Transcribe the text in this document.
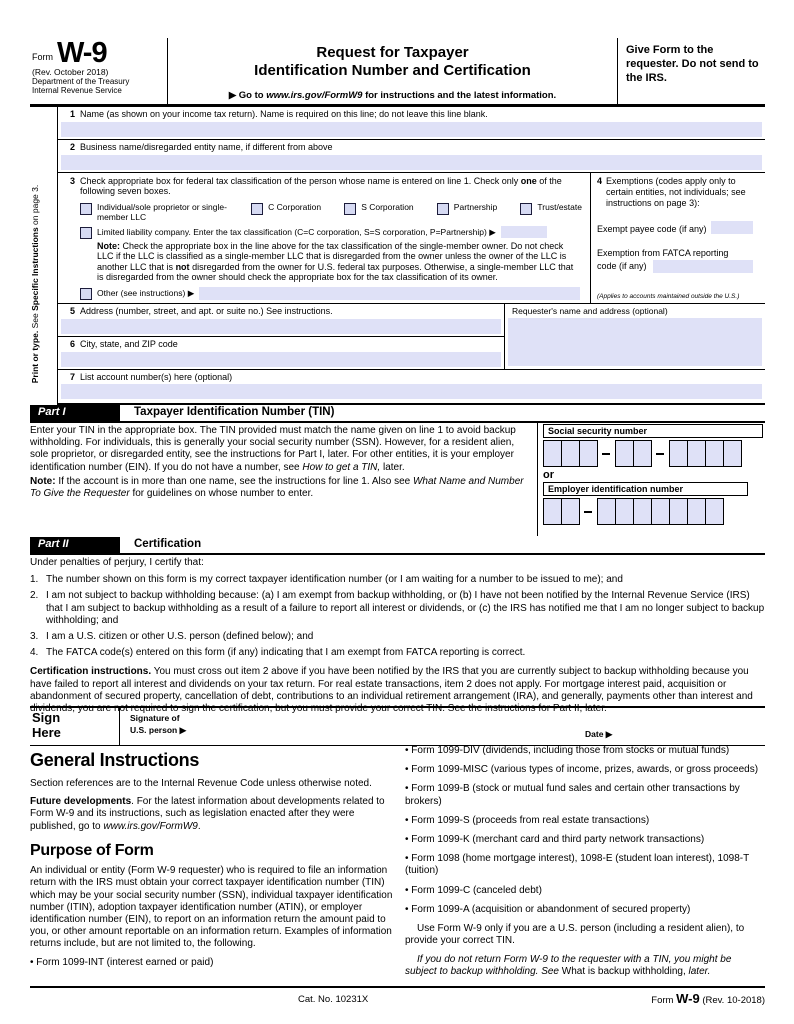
Form W-9
(Rev. October 2018)
Department of the Treasury
Internal Revenue Service
Request for Taxpayer
Identification Number and Certification
▶ Go to www.irs.gov/FormW9 for instructions and the latest information.
Give Form to the requester. Do not send to the IRS.
Print or type. See Specific Instructions on page 3.
1 Name (as shown on your income tax return). Name is required on this line; do not leave this line blank.
2 Business name/disregarded entity name, if different from above
3 Check appropriate box for federal tax classification of the person whose name is entered on line 1. Check only one of the following seven boxes.
Individual/sole proprietor or single-member LLC
C Corporation	S Corporation	Partnership	Trust/estate
Limited liability company. Enter the tax classification (C=C corporation, S=S corporation, P=Partnership) ▶
Note: Check the appropriate box in the line above for the tax classification of the single-member owner. Do not check LLC if the LLC is classified as a single-member LLC that is disregarded from the owner unless the owner of the LLC is another LLC that is not disregarded from the owner for U.S. federal tax purposes. Otherwise, a single-member LLC that is disregarded from the owner should check the appropriate box for the tax classification of its owner.
Other (see instructions) ▶
4 Exemptions (codes apply only to certain entities, not individuals; see instructions on page 3):
Exempt payee code (if any)
Exemption from FATCA reporting
code (if any)
(Applies to accounts maintained outside the U.S.)
5 Address (number, street, and apt. or suite no.) See instructions.
6 City, state, and ZIP code
Requester's name and address (optional)
7 List account number(s) here (optional)
Part I	Taxpayer Identification Number (TIN)

Enter your TIN in the appropriate box. The TIN provided must match the name given on line 1 to avoid backup withholding. For individuals, this is generally your social security number (SSN). However, for a resident alien, sole proprietor, or disregarded entity, see the instructions for Part I, later. For other entities, it is your employer identification number (EIN). If you do not have a number, see How to get a TIN, later.

Note: If the account is in more than one name, see the instructions for line 1. Also see What Name and Number To Give the Requester for guidelines on whose number to enter.

Social security number
or
Employer identification number
Part II	Certification
Under penalties of perjury, I certify that:
1. The number shown on this form is my correct taxpayer identification number (or I am waiting for a number to be issued to me); and
2. I am not subject to backup withholding because: (a) I am exempt from backup withholding, or (b) I have not been notified by the Internal Revenue Service (IRS) that I am subject to backup withholding as a result of a failure to report all interest or dividends, or (c) the IRS has notified me that I am no longer subject to backup withholding; and
3. I am a U.S. citizen or other U.S. person (defined below); and
4. The FATCA code(s) entered on this form (if any) indicating that I am exempt from FATCA reporting is correct.
Certification instructions. You must cross out item 2 above if you have been notified by the IRS that you are currently subject to backup withholding because you have failed to report all interest and dividends on your tax return. For real estate transactions, item 2 does not apply. For mortgage interest paid, acquisition or abandonment of secured property, cancellation of debt, contributions to an individual retirement arrangement (IRA), and generally, payments other than interest and dividends, you are not required to sign the certification, but you must provide your correct TIN. See the instructions for Part II, later.
Sign
Here
Signature of
U.S. person ▶	Date ▶
General Instructions

Section references are to the Internal Revenue Code unless otherwise noted.

Future developments. For the latest information about developments related to Form W-9 and its instructions, such as legislation enacted after they were published, go to www.irs.gov/FormW9.

Purpose of Form

An individual or entity (Form W-9 requester) who is required to file an information return with the IRS must obtain your correct taxpayer identification number (TIN) which may be your social security number (SSN), individual taxpayer identification number (ITIN), adoption taxpayer identification number (ATIN), or employer identification number (EIN), to report on an information return the amount paid to you, or other amount reportable on an information return. Examples of information returns include, but are not limited to, the following.

• Form 1099-INT (interest earned or paid)

• Form 1099-DIV (dividends, including those from stocks or mutual funds)

• Form 1099-MISC (various types of income, prizes, awards, or gross proceeds)

• Form 1099-B (stock or mutual fund sales and certain other transactions by brokers)

• Form 1099-S (proceeds from real estate transactions)

• Form 1099-K (merchant card and third party network transactions)

• Form 1098 (home mortgage interest), 1098-E (student loan interest), 1098-T (tuition)

• Form 1099-C (canceled debt)

• Form 1099-A (acquisition or abandonment of secured property)

Use Form W-9 only if you are a U.S. person (including a resident alien), to provide your correct TIN.

If you do not return Form W-9 to the requester with a TIN, you might be subject to backup withholding. See What is backup withholding, later.

Cat. No. 10231X	Form W-9 (Rev. 10-2018)
